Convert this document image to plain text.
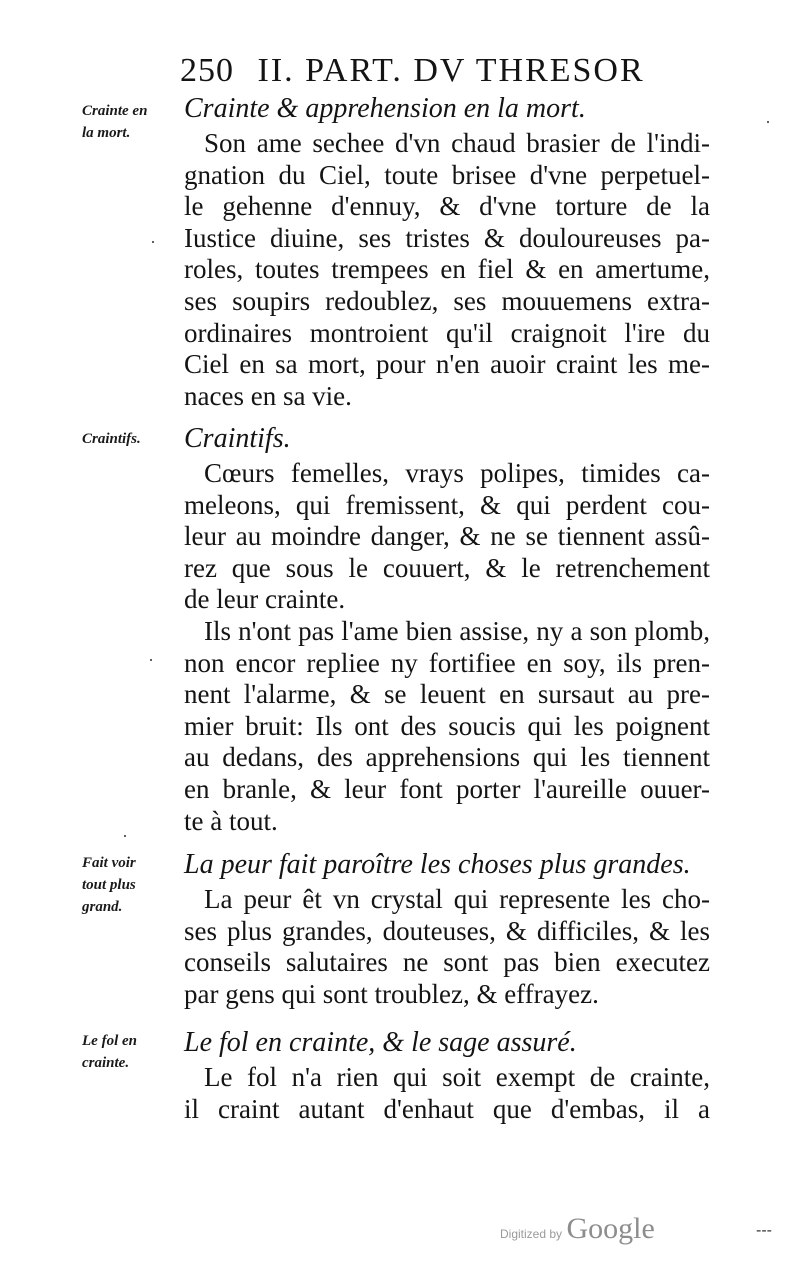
250 II. PART. DV THRESOR
Crainte en
la mort.
Crainte & apprehension en la mort.
Son ame sechee d'vn chaud brasier de l'indi-
gnation du Ciel, toute brisee d'vne perpetuel-
le gehenne d'ennuy, & d'vne torture de la
Iustice diuine, ses tristes & douloureuses pa-
roles, toutes trempees en fiel & en amertume,
ses soupirs redoublez, ses mouuemens extra-
ordinaires montroient qu'il craignoit l'ire du
Ciel en sa mort, pour n'en auoir craint les me-
naces en sa vie.
Craintifs.	Craintifs.
Cœurs femelles, vrays polipes, timides ca-
meleons, qui fremissent, & qui perdent cou-
leur au moindre danger, & ne se tiennent assû-
rez que sous le couuert, & le retrenchement
de leur crainte.
Ils n'ont pas l'ame bien assise, ny a son plomb,
non encor repliee ny fortifiee en soy, ils pren-
nent l'alarme, & se leuent en sursaut au pre-
mier bruit: Ils ont des soucis qui les poignent
au dedans, des apprehensions qui les tiennent
en branle, & leur font porter l'aureille ouuer-
te à tout.
Fait voir
tout plus
grand.
La peur fait paroître les choses plus grandes.
La peur êt vn crystal qui represente les cho-
ses plus grandes, douteuses, & difficiles, & les
conseils salutaires ne sont pas bien executez
par gens qui sont troublez, & effrayez.
Le fol en
crainte.
Le fol en crainte, & le sage assuré.
Le fol n'a rien qui soit exempt de crainte,
il craint autant d'enhaut que d'embas, il a
·
·
·
·
Digitized by Google	---
